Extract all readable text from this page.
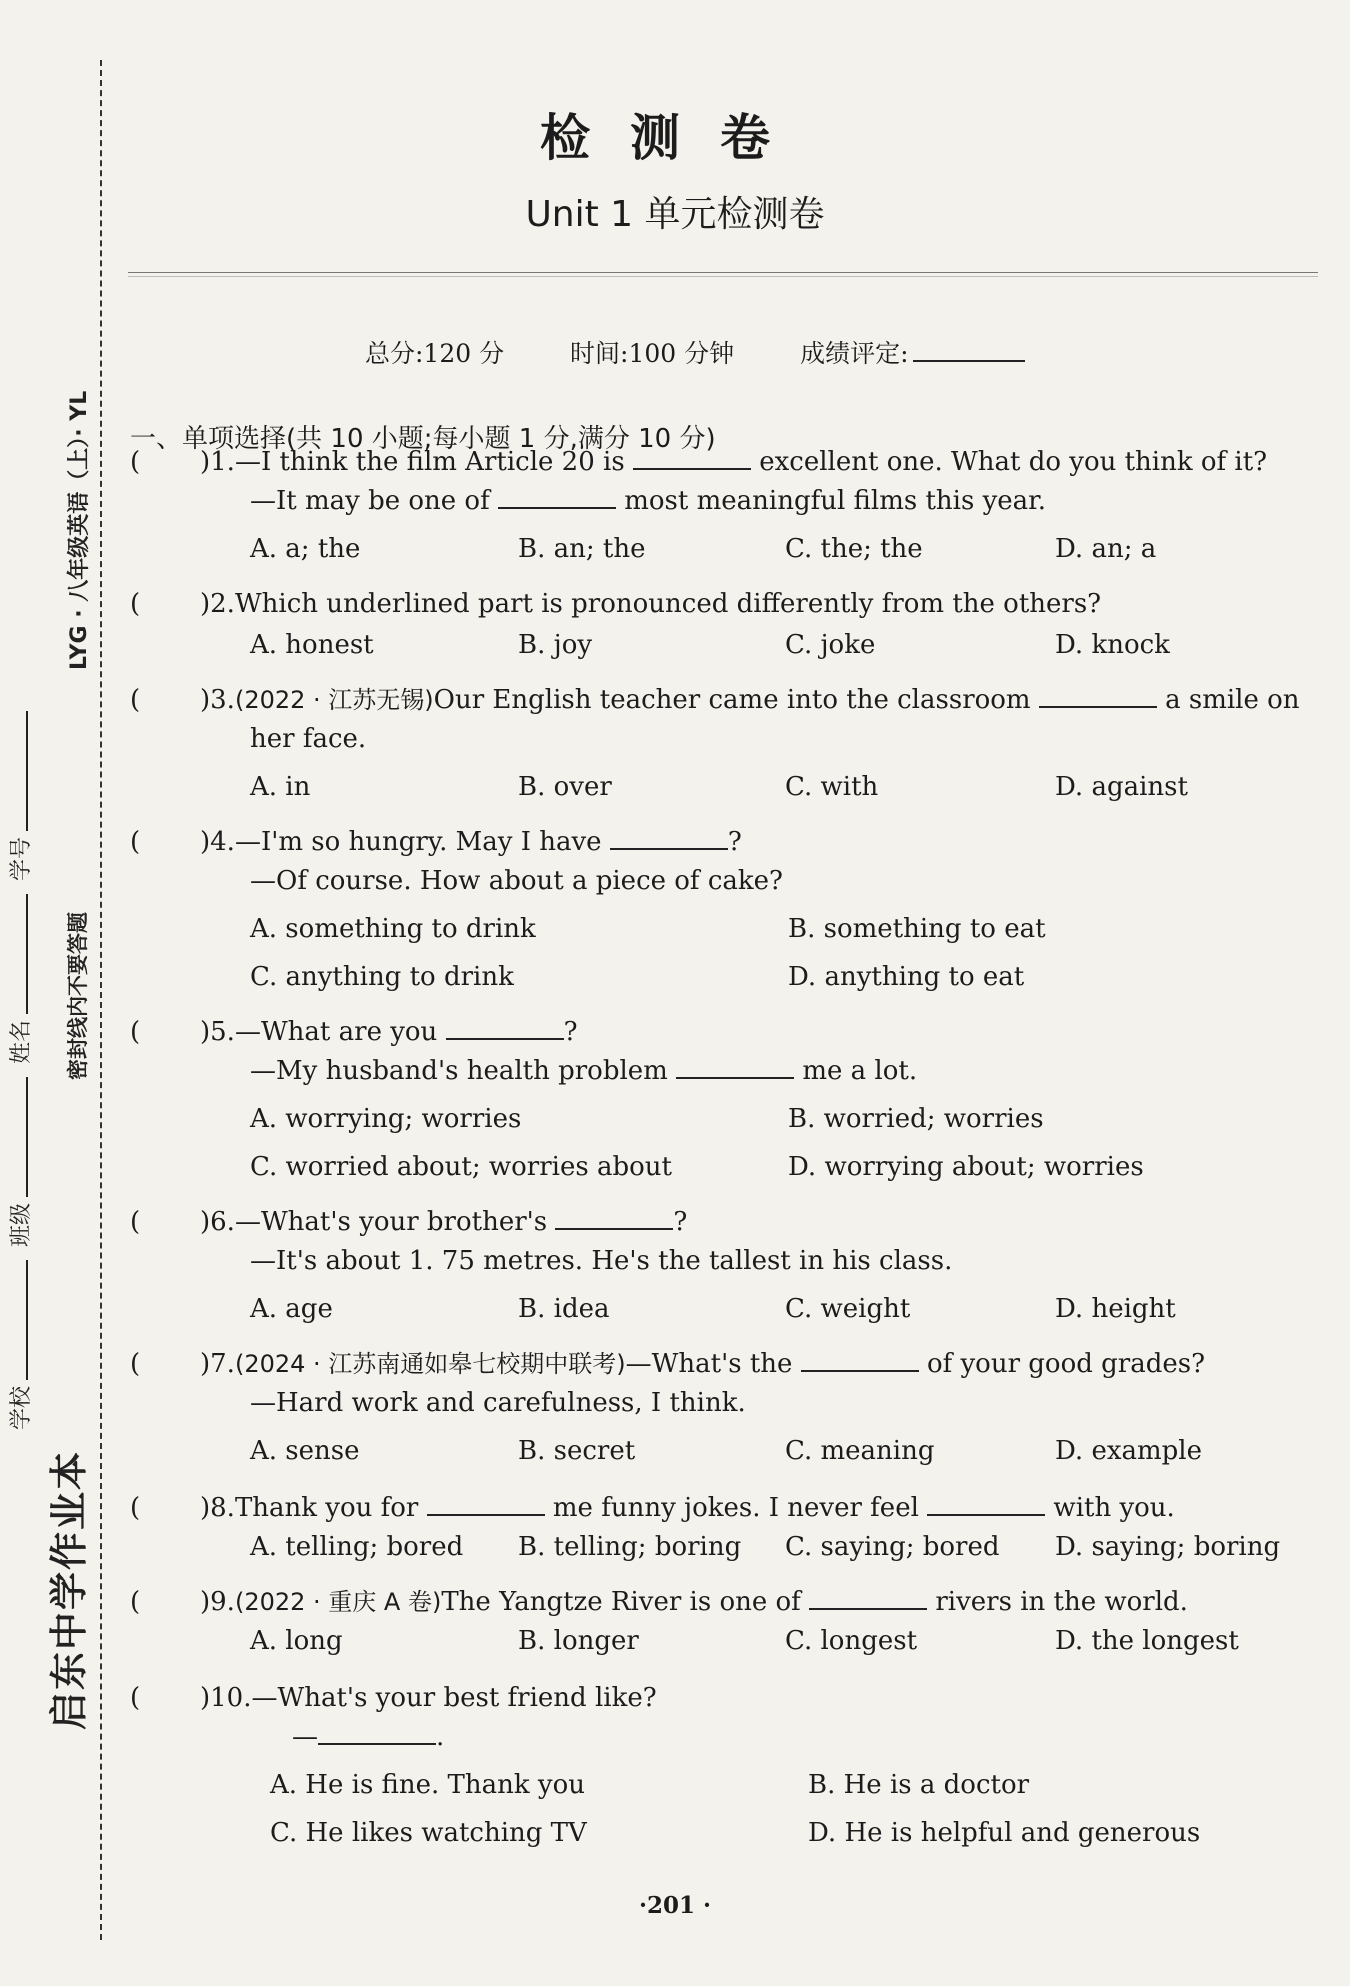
启东中学作业本
LYG · 八年级英语（上）· YL
密封线内不要答题
学校 班级 姓名 学号
检测卷
Unit 1 单元检测卷
总分:120 分	时间:100 分钟	成绩评定:
一、单项选择(共 10 小题;每小题 1 分,满分 10 分)
( )1.—I think the film Article 20 is	excellent one. What do you think of it?
—It may be one of	most meaningful films this year.
A. a; the	B. an; the	C. the; the	D. an; a
( )2.Which underlined part is pronounced differently from the others?
A. honest	B. joy	C. joke	D. knock
( )3.(2022 · 江苏无锡)Our English teacher came into the classroom	a smile on
her face.
A. in	B. over	C. with	D. against
( )4.—I'm so hungry. May I have	?
—Of course. How about a piece of cake?
A. something to drink	B. something to eat
C. anything to drink	D. anything to eat
( )5.—What are you	?
—My husband's health problem	me a lot.
A. worrying; worries	B. worried; worries
C. worried about; worries about	D. worrying about; worries
( )6.—What's your brother's	?
—It's about 1. 75 metres. He's the tallest in his class.
A. age	B. idea	C. weight	D. height
( )7.(2024 · 江苏南通如皋七校期中联考)—What's the	of your good grades?
—Hard work and carefulness, I think.
A. sense	B. secret	C. meaning	D. example
( )8.Thank you for	me funny jokes. I never feel	with you.
A. telling; bored B. telling; boring C. saying; bored D. saying; boring
( )9.(2022 · 重庆 A 卷)The Yangtze River is one of	rivers in the world.
A. long	B. longer	C. longest	D. the longest
( )10.—What's your best friend like?
—	.
A. He is fine. Thank you	B. He is a doctor
C. He likes watching TV	D. He is helpful and generous
·201 ·
